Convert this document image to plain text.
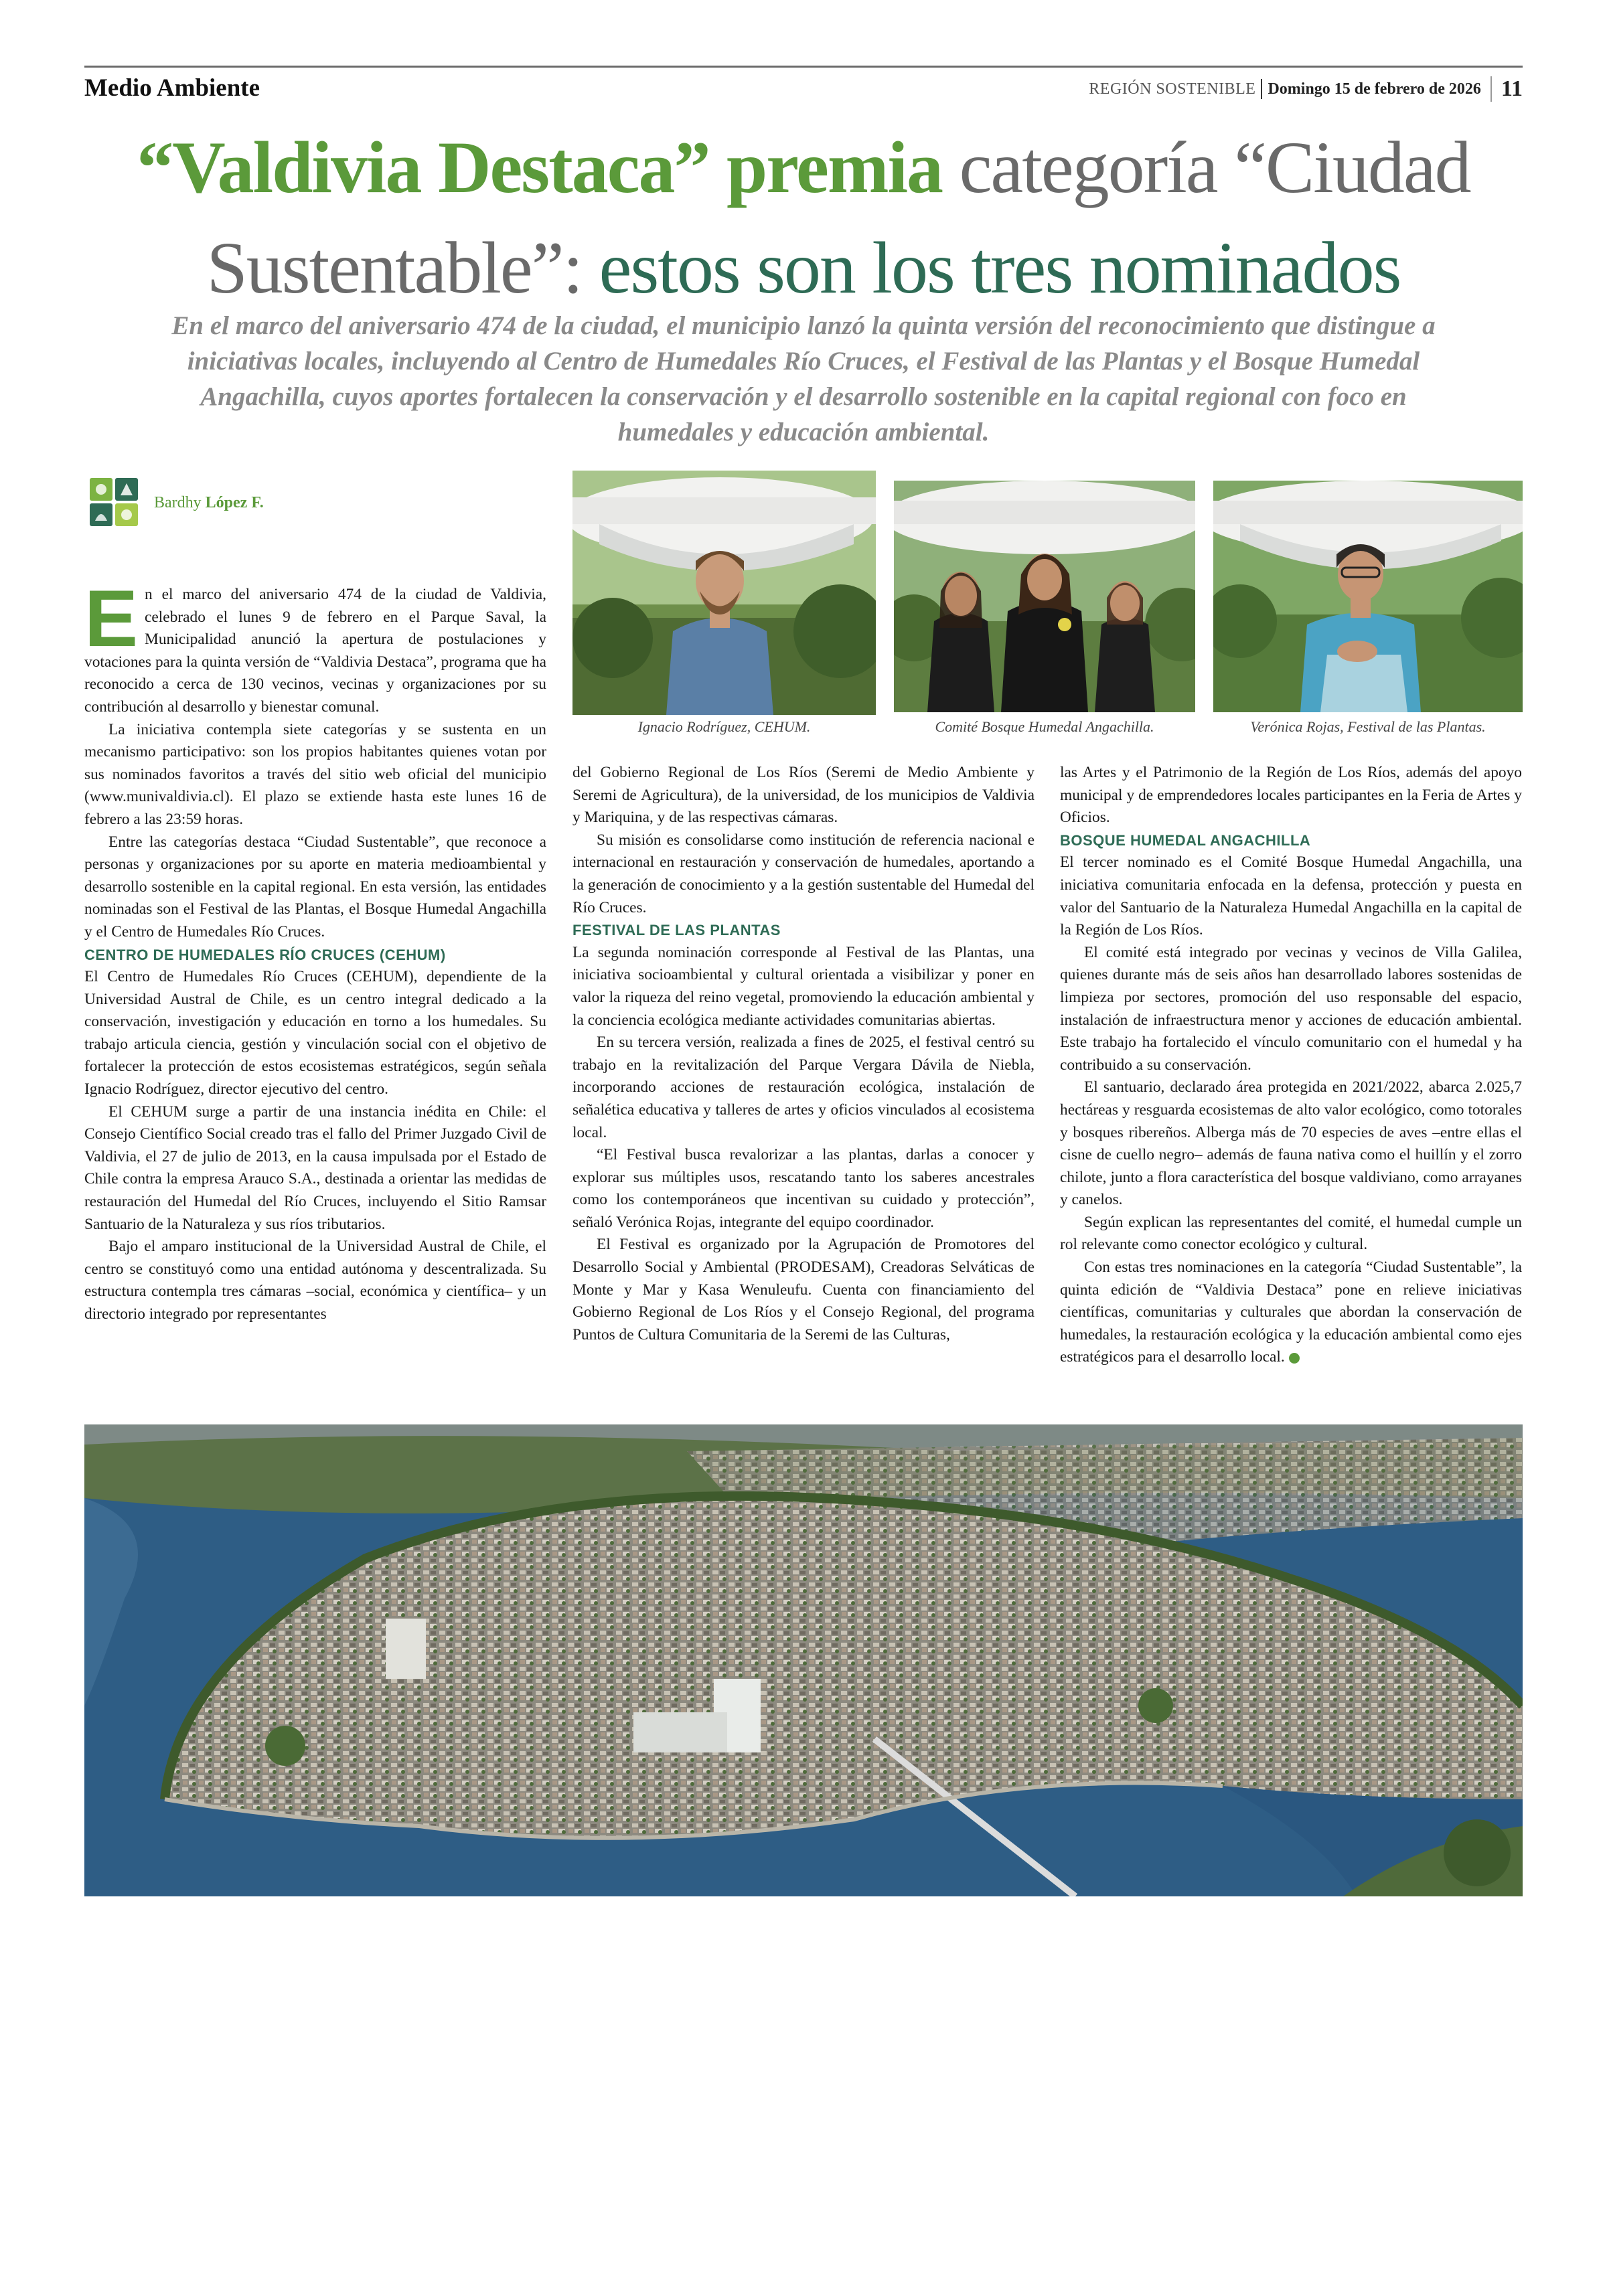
Medio Ambiente	REGIÓN SOSTENIBLE Domingo 15 de febrero de 2026 11
“Valdivia Destaca” premia categoría “Ciudad Sustentable”: estos son los tres nominados
En el marco del aniversario 474 de la ciudad, el municipio lanzó la quinta versión del reconocimiento que distingue a iniciativas locales, incluyendo al Centro de Humedales Río Cruces, el Festival de las Plantas y el Bosque Humedal Angachilla, cuyos aportes fortalecen la conservación y el desarrollo sostenible en la capital regional con foco en humedales y educación ambiental.
Bardhy López F.
Ignacio Rodríguez, CEHUM.	Comité Bosque Humedal Angachilla.	Verónica Rojas, Festival de las Plantas.

En el marco del aniversario 474 de la ciudad de Valdivia, celebrado el lunes 9 de febrero en el Parque Saval, la Municipalidad anunció la apertura de postulaciones y votaciones para la quinta versión de “Valdivia Destaca”, programa que ha reconocido a cerca de 130 vecinos, vecinas y organizaciones por su contribución al desarrollo y bienestar comunal.

La iniciativa contempla siete categorías y se sustenta en un mecanismo participativo: son los propios habitantes quienes votan por sus nominados favoritos a través del sitio web oficial del municipio (www.munivaldivia.cl). El plazo se extiende hasta este lunes 16 de febrero a las 23:59 horas.

Entre las categorías destaca “Ciudad Sustentable”, que reconoce a personas y organizaciones por su aporte en materia medioambiental y desarrollo sostenible en la capital regional. En esta versión, las entidades nominadas son el Festival de las Plantas, el Bosque Humedal Angachilla y el Centro de Humedales Río Cruces.

CENTRO DE HUMEDALES RÍO CRUCES (CEHUM)

El Centro de Humedales Río Cruces (CEHUM), dependiente de la Universidad Austral de Chile, es un centro integral dedicado a la conservación, investigación y educación en torno a los humedales. Su trabajo articula ciencia, gestión y vinculación social con el objetivo de fortalecer la protección de estos ecosistemas estratégicos, según señala Ignacio Rodríguez, director ejecutivo del centro.

El CEHUM surge a partir de una instancia inédita en Chile: el Consejo Científico Social creado tras el fallo del Primer Juzgado Civil de Valdivia, el 27 de julio de 2013, en la causa impulsada por el Estado de Chile contra la empresa Arauco S.A., destinada a orientar las medidas de restauración del Humedal del Río Cruces, incluyendo el Sitio Ramsar Santuario de la Naturaleza y sus ríos tributarios.

Bajo el amparo institucional de la Universidad Austral de Chile, el centro se constituyó como una entidad autónoma y descentralizada. Su estructura contempla tres cámaras –social, económica y científica– y un directorio integrado por representantes

del Gobierno Regional de Los Ríos (Seremi de Medio Ambiente y Seremi de Agricultura), de la universidad, de los municipios de Valdivia y Mariquina, y de las respectivas cámaras.

Su misión es consolidarse como institución de referencia nacional e internacional en restauración y conservación de humedales, aportando a la generación de conocimiento y a la gestión sustentable del Humedal del Río Cruces.

FESTIVAL DE LAS PLANTAS

La segunda nominación corresponde al Festival de las Plantas, una iniciativa socioambiental y cultural orientada a visibilizar y poner en valor la riqueza del reino vegetal, promoviendo la educación ambiental y la conciencia ecológica mediante actividades comunitarias abiertas.

En su tercera versión, realizada a fines de 2025, el festival centró su trabajo en la revitalización del Parque Vergara Dávila de Niebla, incorporando acciones de restauración ecológica, instalación de señalética educativa y talleres de artes y oficios vinculados al ecosistema local.

“El Festival busca revalorizar a las plantas, darlas a conocer y explorar sus múltiples usos, rescatando tanto los saberes ancestrales como los contemporáneos que incentivan su cuidado y protección”, señaló Verónica Rojas, integrante del equipo coordinador.

El Festival es organizado por la Agrupación de Promotores del Desarrollo Social y Ambiental (PRODESAM), Creadoras Selváticas de Monte y Mar y Kasa Wenuleufu. Cuenta con financiamiento del Gobierno Regional de Los Ríos y el Consejo Regional, del programa Puntos de Cultura Comunitaria de la Seremi de las Culturas,

las Artes y el Patrimonio de la Región de Los Ríos, además del apoyo municipal y de emprendedores locales participantes en la Feria de Artes y Oficios.

BOSQUE HUMEDAL ANGACHILLA

El tercer nominado es el Comité Bosque Humedal Angachilla, una iniciativa comunitaria enfocada en la defensa, protección y puesta en valor del Santuario de la Naturaleza Humedal Angachilla en la capital de la Región de Los Ríos.

El comité está integrado por vecinas y vecinos de Villa Galilea, quienes durante más de seis años han desarrollado labores sostenidas de limpieza por sectores, promoción del uso responsable del espacio, instalación de infraestructura menor y acciones de educación ambiental. Este trabajo ha fortalecido el vínculo comunitario con el humedal y ha contribuido a su conservación.

El santuario, declarado área protegida en 2021/2022, abarca 2.025,7 hectáreas y resguarda ecosistemas de alto valor ecológico, como totorales y bosques ribereños. Alberga más de 70 especies de aves –entre ellas el cisne de cuello negro– además de fauna nativa como el huillín y el zorro chilote, junto a flora característica del bosque valdiviano, como arrayanes y canelos.

Según explican las representantes del comité, el humedal cumple un rol relevante como conector ecológico y cultural.

Con estas tres nominaciones en la categoría “Ciudad Sustentable”, la quinta edición de “Valdivia Destaca” pone en relieve iniciativas científicas, comunitarias y culturales que abordan la conservación de humedales, la restauración ecológica y la educación ambiental como ejes estratégicos para el desarrollo local.
